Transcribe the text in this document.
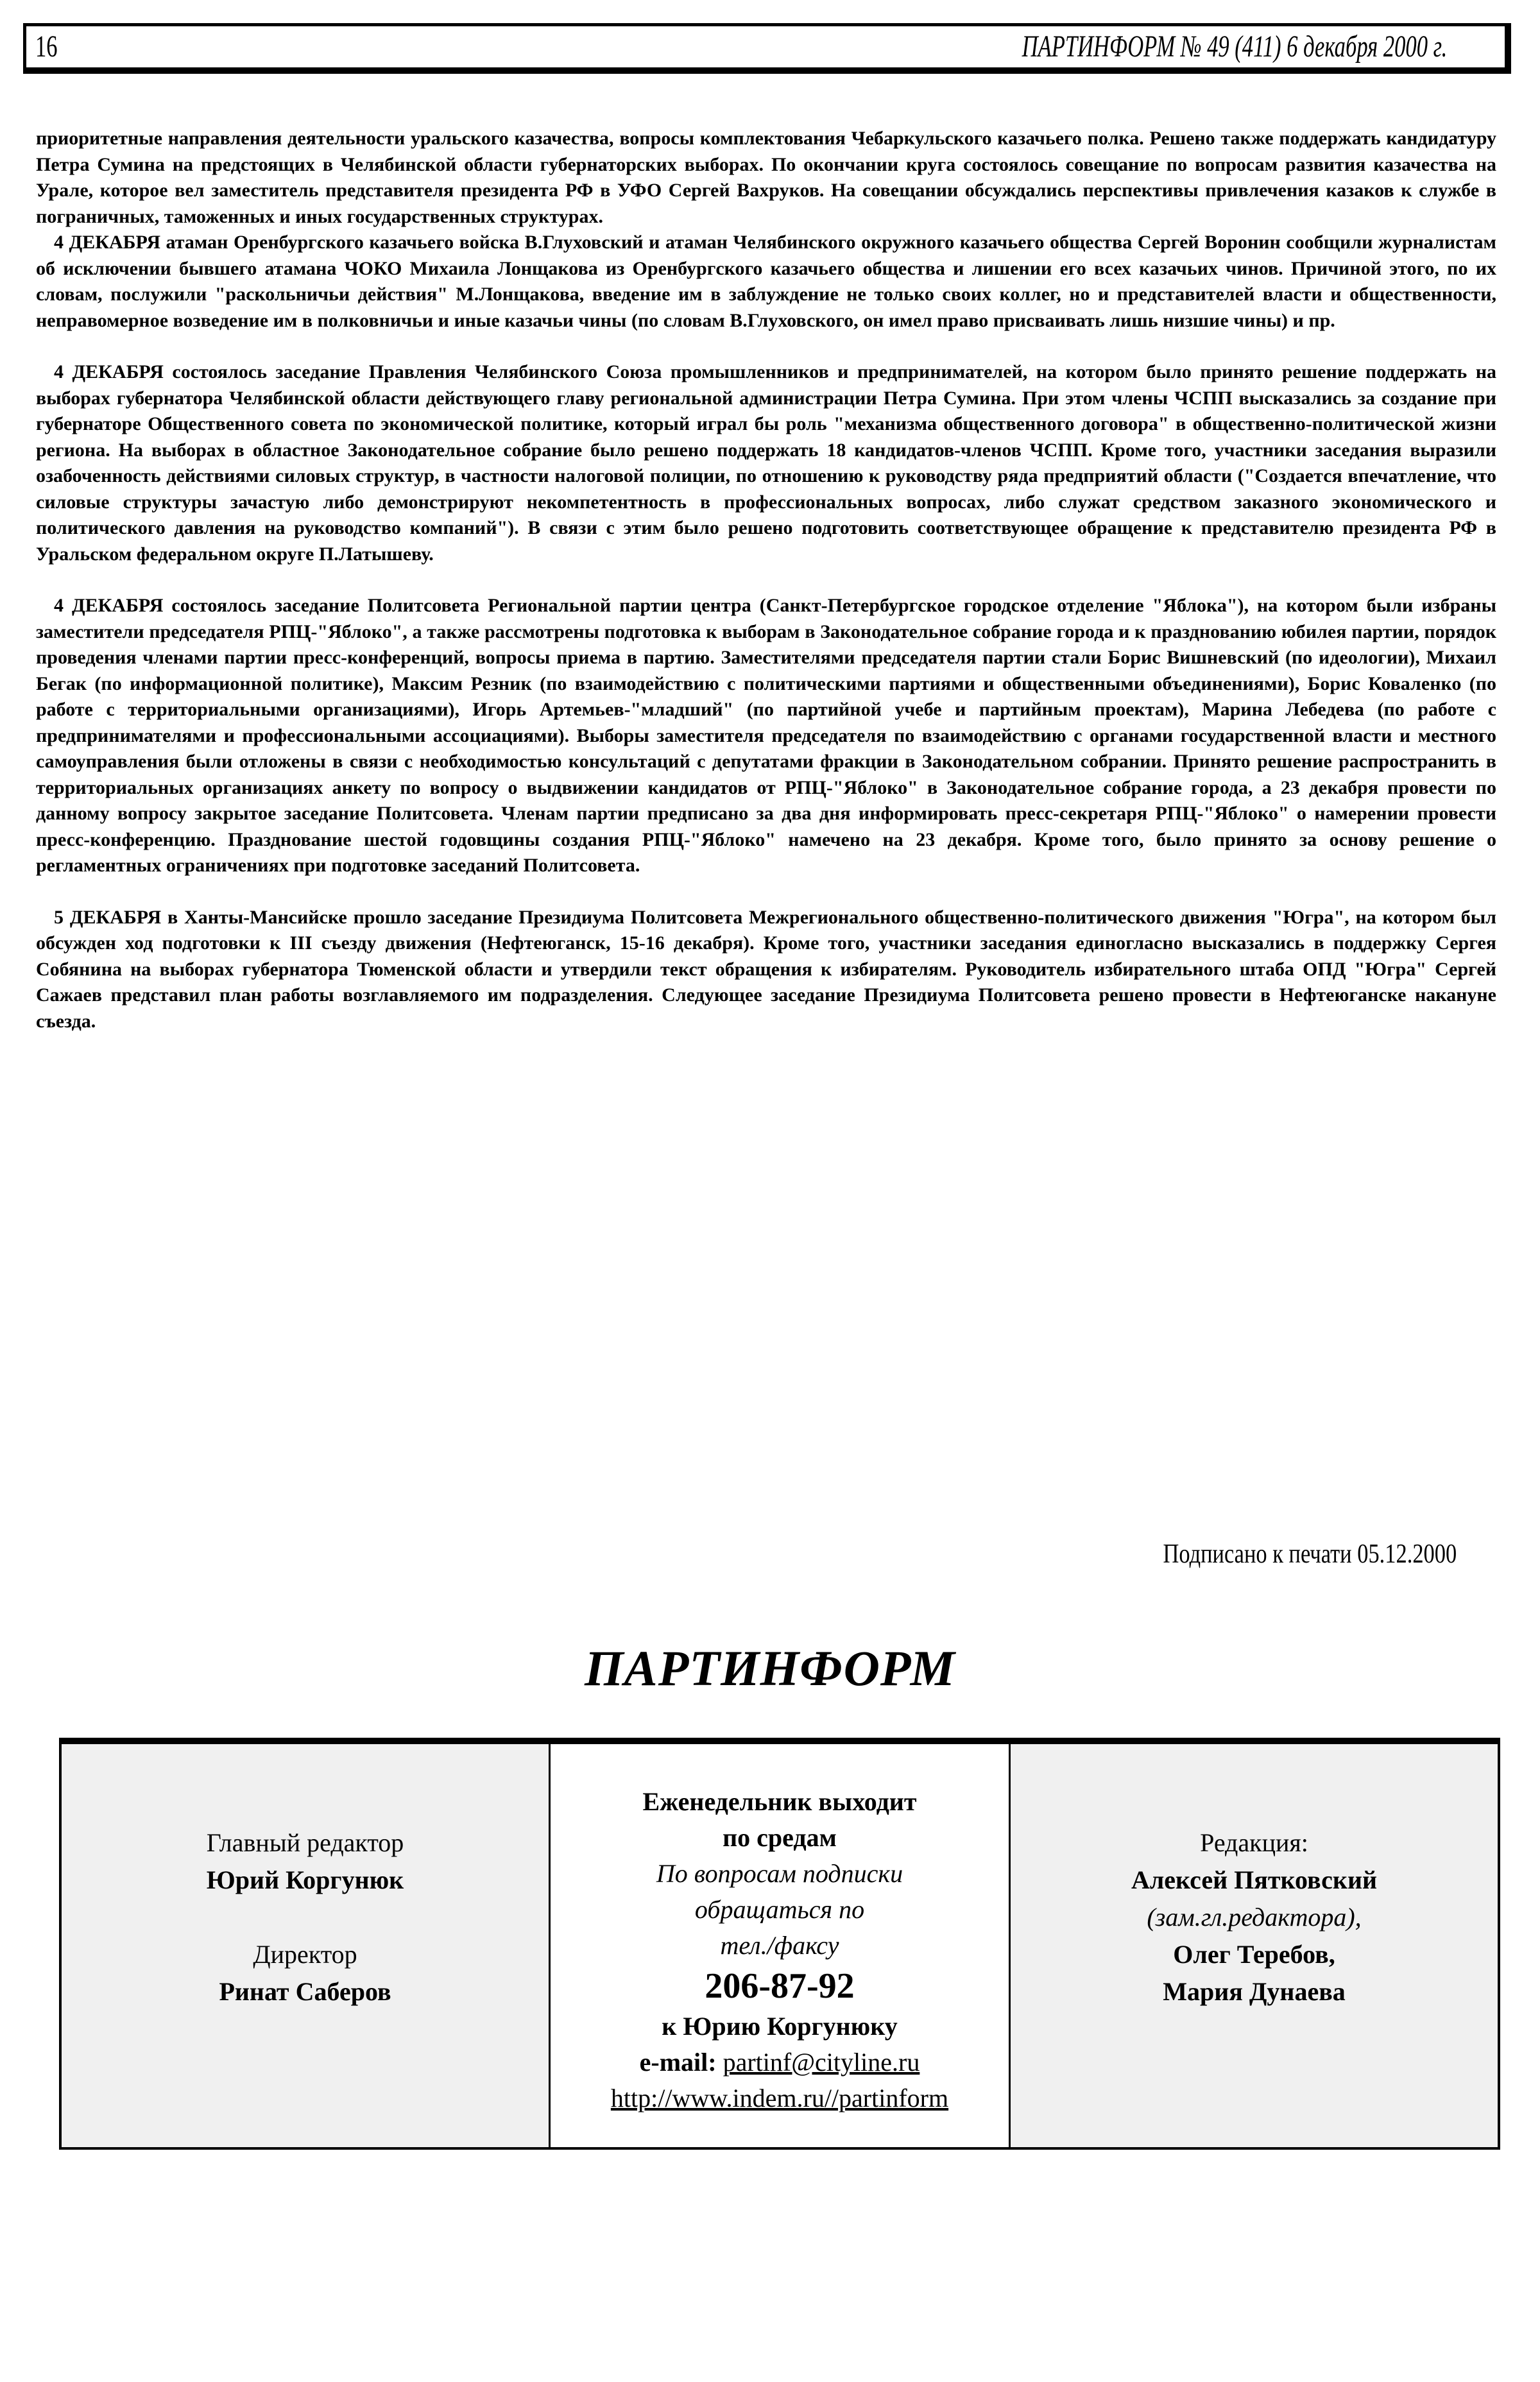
16	ПАРТИНФОРМ № 49 (411) 6 декабря 2000 г.

приоритетные направления деятельности уральского казачества, вопросы комплектования Чебаркульского казачьего полка. Решено также поддержать кандидатуру Петра Сумина на предстоящих в Челябинской области губернаторских выборах. По окончании круга состоялось совещание по вопросам развития казачества на Урале, которое вел заместитель представителя президента РФ в УФО Сергей Вахруков. На совещании обсуждались перспективы привлечения казаков к службе в пограничных, таможенных и иных государственных структурах.

4 ДЕКАБРЯ атаман Оренбургского казачьего войска В.Глуховский и атаман Челябинского окружного казачьего общества Сергей Воронин сообщили журналистам об исключении бывшего атамана ЧОКО Михаила Лонщакова из Оренбургского казачьего общества и лишении его всех казачьих чинов. Причиной этого, по их словам, послужили "раскольничьи действия" М.Лонщакова, введение им в заблуждение не только своих коллег, но и представителей власти и общественности, неправомерное возведение им в полковничьи и иные казачьи чины (по словам В.Глуховского, он имел право присваивать лишь низшие чины) и пр.

4 ДЕКАБРЯ состоялось заседание Правления Челябинского Союза промышленников и предпринимателей, на котором было принято решение поддержать на выборах губернатора Челябинской области действующего главу региональной администрации Петра Сумина. При этом члены ЧСПП высказались за создание при губернаторе Общественного совета по экономической политике, который играл бы роль "механизма общественного договора" в общественно-политической жизни региона. На выборах в областное Законодательное собрание было решено поддержать 18 кандидатов-членов ЧСПП. Кроме того, участники заседания выразили озабоченность действиями силовых структур, в частности налоговой полиции, по отношению к руководству ряда предприятий области ("Создается впечатление, что силовые структуры зачастую либо демонстрируют некомпетентность в профессиональных вопросах, либо служат средством заказного экономического и политического давления на руководство компаний"). В связи с этим было решено подготовить соответствующее обращение к представителю президента РФ в Уральском федеральном округе П.Латышеву.

4 ДЕКАБРЯ состоялось заседание Политсовета Региональной партии центра (Санкт-Петербургское городское отделение "Яблока"), на котором были избраны заместители председателя РПЦ-"Яблоко", а также рассмотрены подготовка к выборам в Законодательное собрание города и к празднованию юбилея партии, порядок проведения членами партии пресс-конференций, вопросы приема в партию. Заместителями председателя партии стали Борис Вишневский (по идеологии), Михаил Бегак (по информационной политике), Максим Резник (по взаимодействию с политическими партиями и общественными объединениями), Борис Коваленко (по работе с территориальными организациями), Игорь Артемьев-"младший" (по партийной учебе и партийным проектам), Марина Лебедева (по работе с предпринимателями и профессиональными ассоциациями). Выборы заместителя председателя по взаимодействию с органами государственной власти и местного самоуправления были отложены в связи с необходимостью консультаций с депутатами фракции в Законодательном собрании. Принято решение распространить в территориальных организациях анкету по вопросу о выдвижении кандидатов от РПЦ-"Яблоко" в Законодательное собрание города, а 23 декабря провести по данному вопросу закрытое заседание Политсовета. Членам партии предписано за два дня информировать пресс-секретаря РПЦ-"Яблоко" о намерении провести пресс-конференцию. Празднование шестой годовщины создания РПЦ-"Яблоко" намечено на 23 декабря. Кроме того, было принято за основу решение о регламентных ограничениях при подготовке заседаний Политсовета.

5 ДЕКАБРЯ в Ханты-Мансийске прошло заседание Президиума Политсовета Межрегионального общественно-политического движения "Югра", на котором был обсужден ход подготовки к III съезду движения (Нефтеюганск, 15-16 декабря). Кроме того, участники заседания единогласно высказались в поддержку Сергея Собянина на выборах губернатора Тюменской области и утвердили текст обращения к избирателям. Руководитель избирательного штаба ОПД "Югра" Сергей Сажаев представил план работы возглавляемого им подразделения. Следующее заседание Президиума Политсовета решено провести в Нефтеюганске накануне съезда.

Подписано к печати 05.12.2000
ПАРТИНФОРМ
Главный редактор
Юрий Коргунюк
Директор
Ринат Саберов
Еженедельник выходит
по средам
По вопросам подписки
обращаться по
тел./факсу
206-87-92
к Юрию Коргунюку
e-mail: partinf@cityline.ru
http://www.indem.ru//partinform
Редакция:
Алексей Пятковский
(зам.гл.редактора),
Олег Теребов,
Мария Дунаева
